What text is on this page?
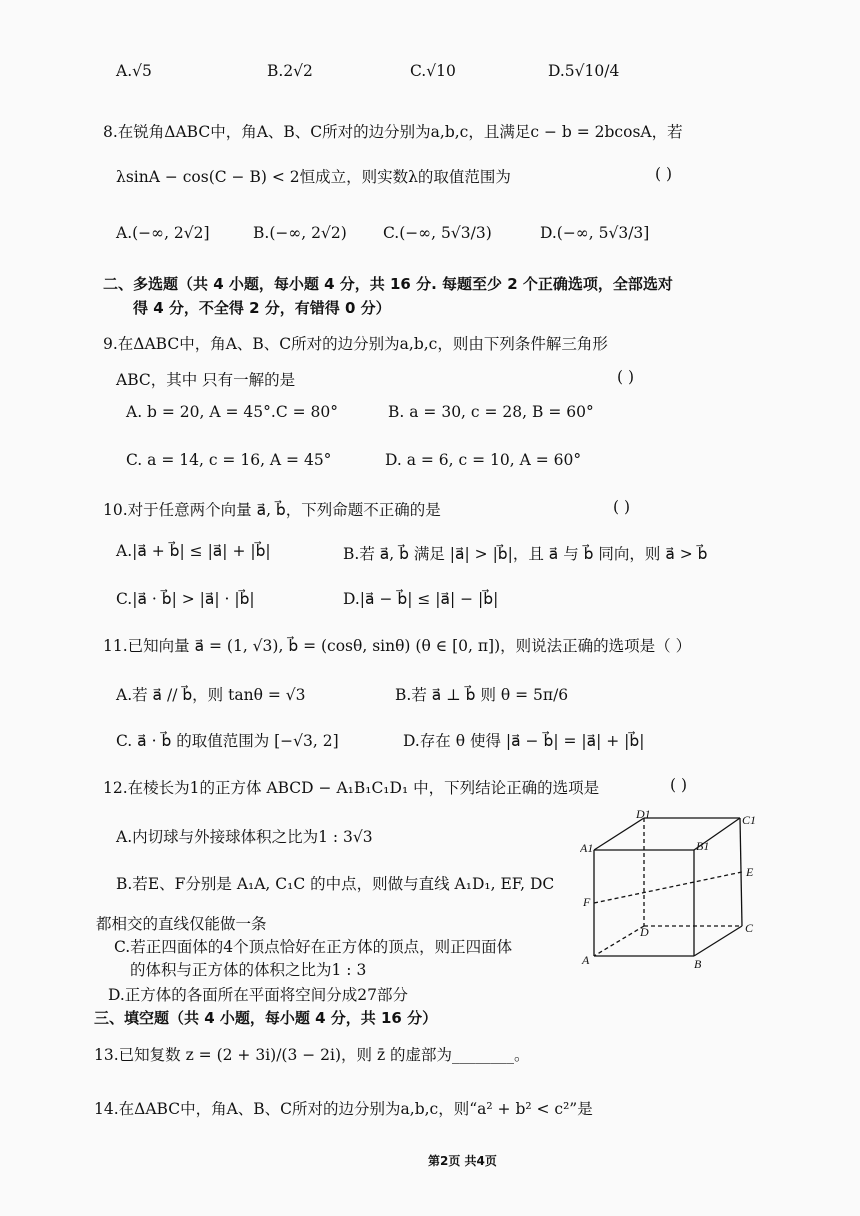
A.√5	B.2√2	C.√10	D.5√10/4
8.在锐角ΔABC中，角A、B、C所对的边分别为a,b,c，且满足c − b = 2bcosA，若
λsinA − cos(C − B) < 2恒成立，则实数λ的取值范围为	( )
A.(−∞, 2√2]	B.(−∞, 2√2) C.(−∞, 5√3/3)	D.(−∞, 5√3/3]
二、多选题（共 4 小题，每小题 4 分，共 16 分. 每题至少 2 个正确选项，全部选对
得 4 分，不全得 2 分，有错得 0 分）
9.在ΔABC中，角A、B、C所对的边分别为a,b,c，则由下列条件解三角形
ABC，其中 只有一解的是	( )
A. b = 20, A = 45°.C = 80°	B. a = 30, c = 28, B = 60°
C. a = 14, c = 16, A = 45°	D. a = 6, c = 10, A = 60°
10.对于任意两个向量 a⃗, b⃗，下列命题不正确的是	( )
A.|a⃗ + b⃗| ≤ |a⃗| + |b⃗|	B.若 a⃗, b⃗ 满足 |a⃗| > |b⃗|，且 a⃗ 与 b⃗ 同向，则 a⃗ > b⃗
C.|a⃗ · b⃗| > |a⃗| · |b⃗|	D.|a⃗ − b⃗| ≤ |a⃗| − |b⃗|
11.已知向量 a⃗ = (1, √3), b⃗ = (cosθ, sinθ) (θ ∈ [0, π])，则说法正确的选项是（ ）
A.若 a⃗ // b⃗，则 tanθ = √3	B.若 a⃗ ⊥ b⃗ 则 θ = 5π/6
C. a⃗ · b⃗ 的取值范围为 [−√3, 2]	D.存在 θ 使得 |a⃗ − b⃗| = |a⃗| + |b⃗|
12.在棱长为1的正方体 ABCD − A₁B₁C₁D₁ 中，下列结论正确的选项是	( )
A.内切球与外接球体积之比为1 : 3√3
B.若E、F分别是 A₁A, C₁C 的中点，则做与直线 A₁D₁, EF, DC
都相交的直线仅能做一条
C.若正四面体的4个顶点恰好在正方体的顶点，则正四面体
的体积与正方体的体积之比为1 : 3
D.正方体的各面所在平面将空间分成27部分
D1	C1
A1	B1
E
F
D	C
A	B
三、填空题（共 4 小题，每小题 4 分，共 16 分）
13.已知复数 z = (2 + 3i)/(3 − 2i)，则 z̄ 的虚部为________。
14.在ΔABC中，角A、B、C所对的边分别为a,b,c，则“a² + b² < c²”是
第2页 共4页
